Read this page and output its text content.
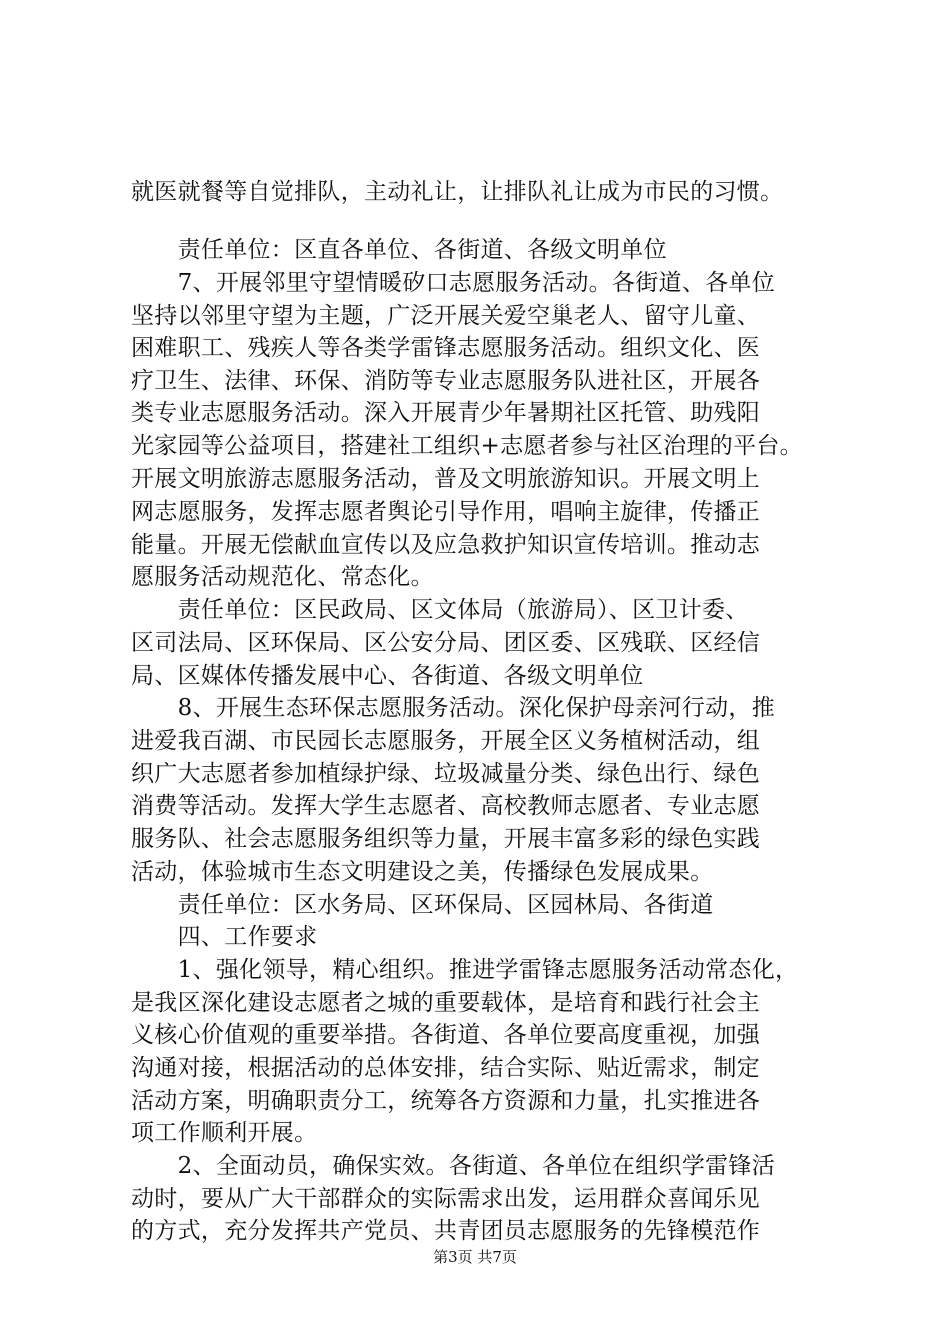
就医就餐等自觉排队，主动礼让，让排队礼让成为市民的习惯。
　　责任单位：区直各单位、各街道、各级文明单位
　　7、开展邻里守望情暖矽口志愿服务活动。各街道、各单位
坚持以邻里守望为主题，广泛开展关爱空巢老人、留守儿童、
困难职工、残疾人等各类学雷锋志愿服务活动。组织文化、医
疗卫生、法律、环保、消防等专业志愿服务队进社区，开展各
类专业志愿服务活动。深入开展青少年暑期社区托管、助残阳
光家园等公益项目，搭建社工组织+志愿者参与社区治理的平台。
开展文明旅游志愿服务活动，普及文明旅游知识。开展文明上
网志愿服务，发挥志愿者舆论引导作用，唱响主旋律，传播正
能量。开展无偿献血宣传以及应急救护知识宣传培训。推动志
愿服务活动规范化、常态化。
　　责任单位：区民政局、区文体局（旅游局）、区卫计委、
区司法局、区环保局、区公安分局、团区委、区残联、区经信
局、区媒体传播发展中心、各街道、各级文明单位
　　8、开展生态环保志愿服务活动。深化保护母亲河行动，推
进爱我百湖、市民园长志愿服务，开展全区义务植树活动，组
织广大志愿者参加植绿护绿、垃圾减量分类、绿色出行、绿色
消费等活动。发挥大学生志愿者、高校教师志愿者、专业志愿
服务队、社会志愿服务组织等力量，开展丰富多彩的绿色实践
活动，体验城市生态文明建设之美，传播绿色发展成果。
　　责任单位：区水务局、区环保局、区园林局、各街道
　　四、工作要求
　　1、强化领导，精心组织。推进学雷锋志愿服务活动常态化，
是我区深化建设志愿者之城的重要载体，是培育和践行社会主
义核心价值观的重要举措。各街道、各单位要高度重视，加强
沟通对接，根据活动的总体安排，结合实际、贴近需求，制定
活动方案，明确职责分工，统筹各方资源和力量，扎实推进各
项工作顺利开展。
　　2、全面动员，确保实效。各街道、各单位在组织学雷锋活
动时，要从广大干部群众的实际需求出发，运用群众喜闻乐见
的方式，充分发挥共产党员、共青团员志愿服务的先锋模范作
第3页 共7页
